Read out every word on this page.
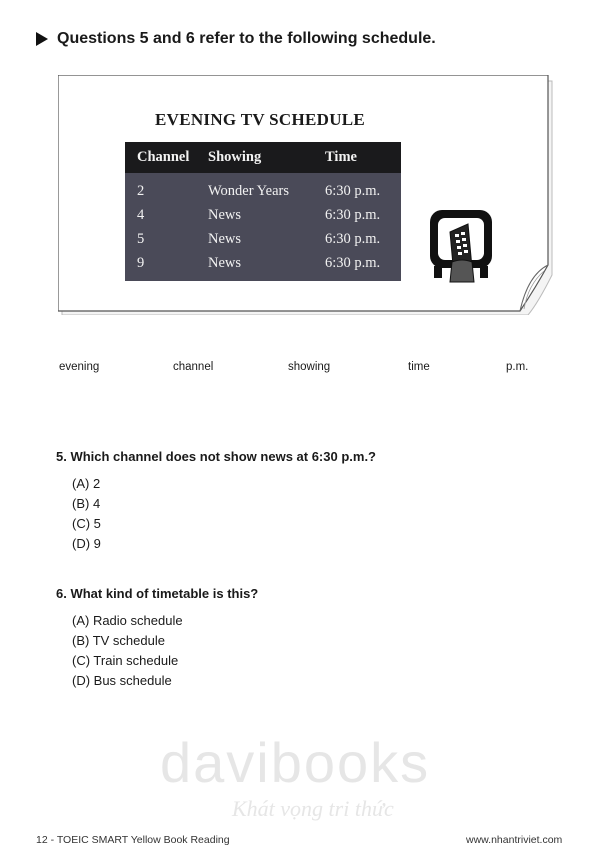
Questions 5 and 6 refer to the following schedule.
EVENING TV SCHEDULE
Channel	Showing	Time
2	Wonder Years	6:30 p.m.
4	News	6:30 p.m.
5	News	6:30 p.m.
9	News	6:30 p.m.
evening	channel	showing	time	p.m.
5. Which channel does not show news at 6:30 p.m.?
(A) 2
(B) 4
(C) 5
(D) 9
6. What kind of timetable is this?
(A) Radio schedule
(B) TV schedule
(C) Train schedule
(D) Bus schedule
davibooks
Khát vọng tri thức
12 - TOEIC SMART Yellow Book Reading	www.nhantriviet.com
